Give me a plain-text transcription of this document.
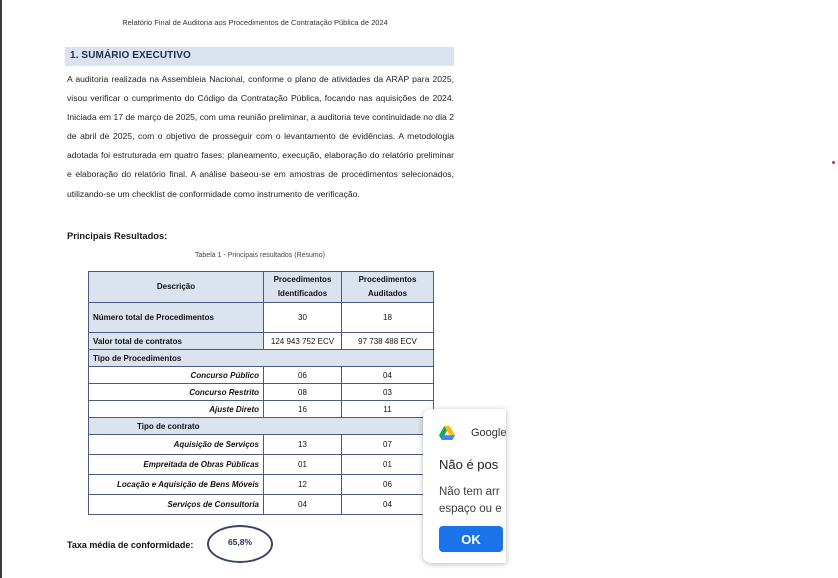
Relatório Final de Auditoria aos Procedimentos de Contratação Pública de 2024
1. SUMÁRIO EXECUTIVO
A auditoria realizada na Assembleia Nacional, conforme o plano de atividades da ARAP para 2025, visou verificar o cumprimento do Código da Contratação Pública, focando nas aquisições de 2024. Iniciada em 17 de março de 2025, com uma reunião preliminar, a auditoria teve continuidade no dia 2 de abril de 2025, com o objetivo de prosseguir com o levantamento de evidências. A metodologia adotada foi estruturada em quatro fases: planeamento, execução, elaboração do relatório preliminar e elaboração do relatório final. A análise baseou-se em amostras de procedimentos selecionados, utilizando-se um checklist de conformidade como instrumento de verificação.
Principais Resultados:
Tabela 1 - Principais resultados (Resumo)
Descrição	Procedimentos Identificados	Procedimentos Auditados
Número total de Procedimentos	30	18
Valor total de contratos	124 943 752 ECV	97 738 488 ECV
Tipo de Procedimentos		
Concurso Público	06	04
Concurso Restrito	08	03
Ajuste Direto	16	11
Tipo de contrato		
Aquisição de Serviços	13	07
Empreitada de Obras Públicas	01	01
Locação e Aquisição de Bens Móveis	12	06
Serviços de Consultoria	04	04
Taxa média de conformidade:	65,8%
Google
Não é pos
Não tem arr
espaço ou e
OK
